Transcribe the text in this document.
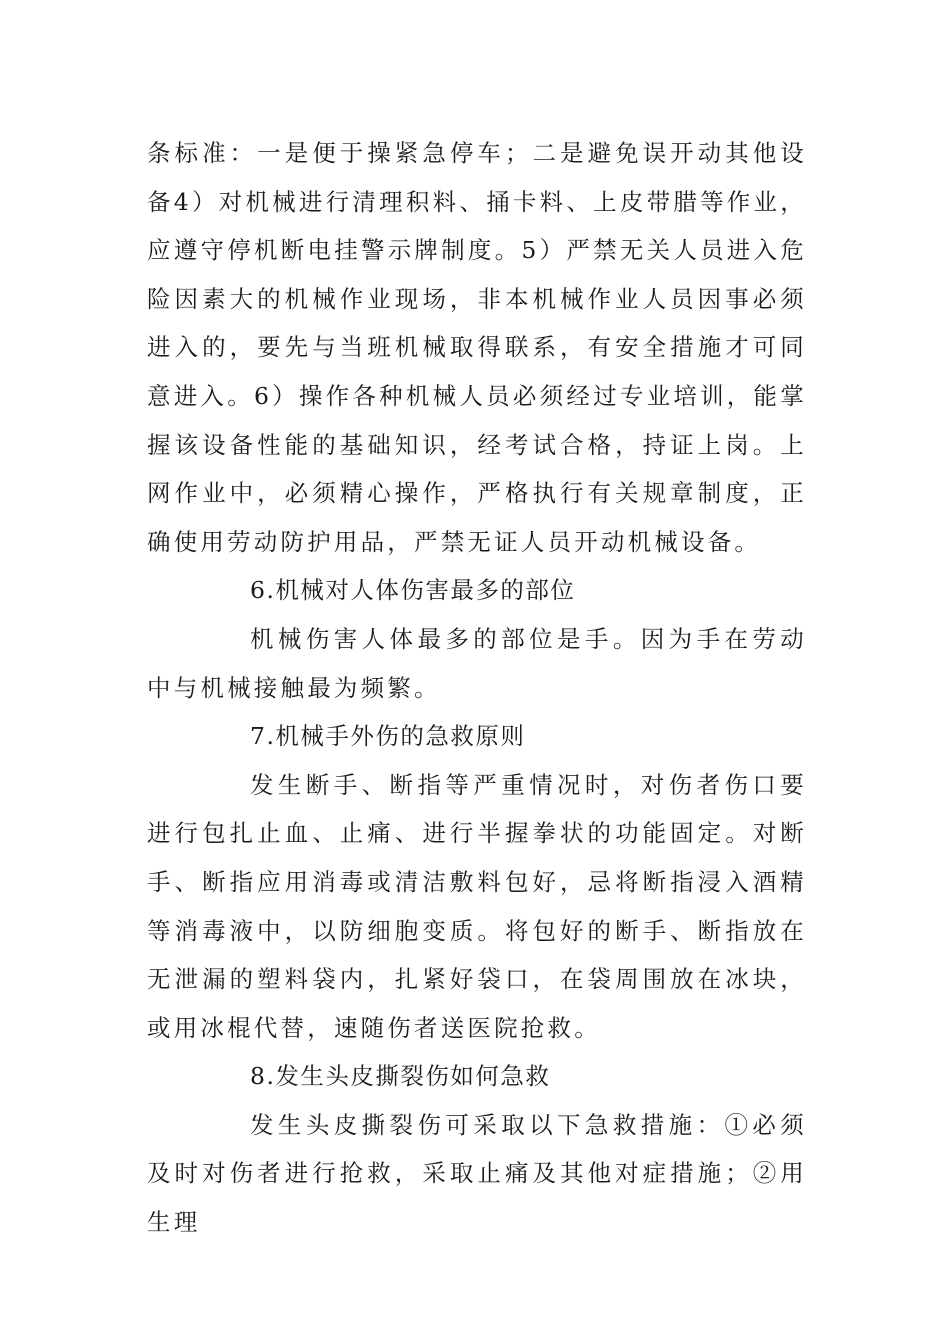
条标准：一是便于操紧急停车；二是避免误开动其他设备4）对机械进行清理积料、捅卡料、上皮带腊等作业，应遵守停机断电挂警示牌制度。5）严禁无关人员进入危险因素大的机械作业现场，非本机械作业人员因事必须进入的，要先与当班机械取得联系，有安全措施才可同意进入。6）操作各种机械人员必须经过专业培训，能掌握该设备性能的基础知识，经考试合格，持证上岗。上网作业中，必须精心操作，严格执行有关规章制度，正确使用劳动防护用品，严禁无证人员开动机械设备。

6.机械对人体伤害最多的部位

机械伤害人体最多的部位是手。因为手在劳动中与机械接触最为频繁。

7.机械手外伤的急救原则

发生断手、断指等严重情况时，对伤者伤口要进行包扎止血、止痛、进行半握拳状的功能固定。对断手、断指应用消毒或清洁敷料包好，忌将断指浸入酒精等消毒液中，以防细胞变质。将包好的断手、断指放在无泄漏的塑料袋内，扎紧好袋口，在袋周围放在冰块，或用冰棍代替，速随伤者送医院抢救。

8.发生头皮撕裂伤如何急救

发生头皮撕裂伤可采取以下急救措施：①必须及时对伤者进行抢救，采取止痛及其他对症措施；②用生理
